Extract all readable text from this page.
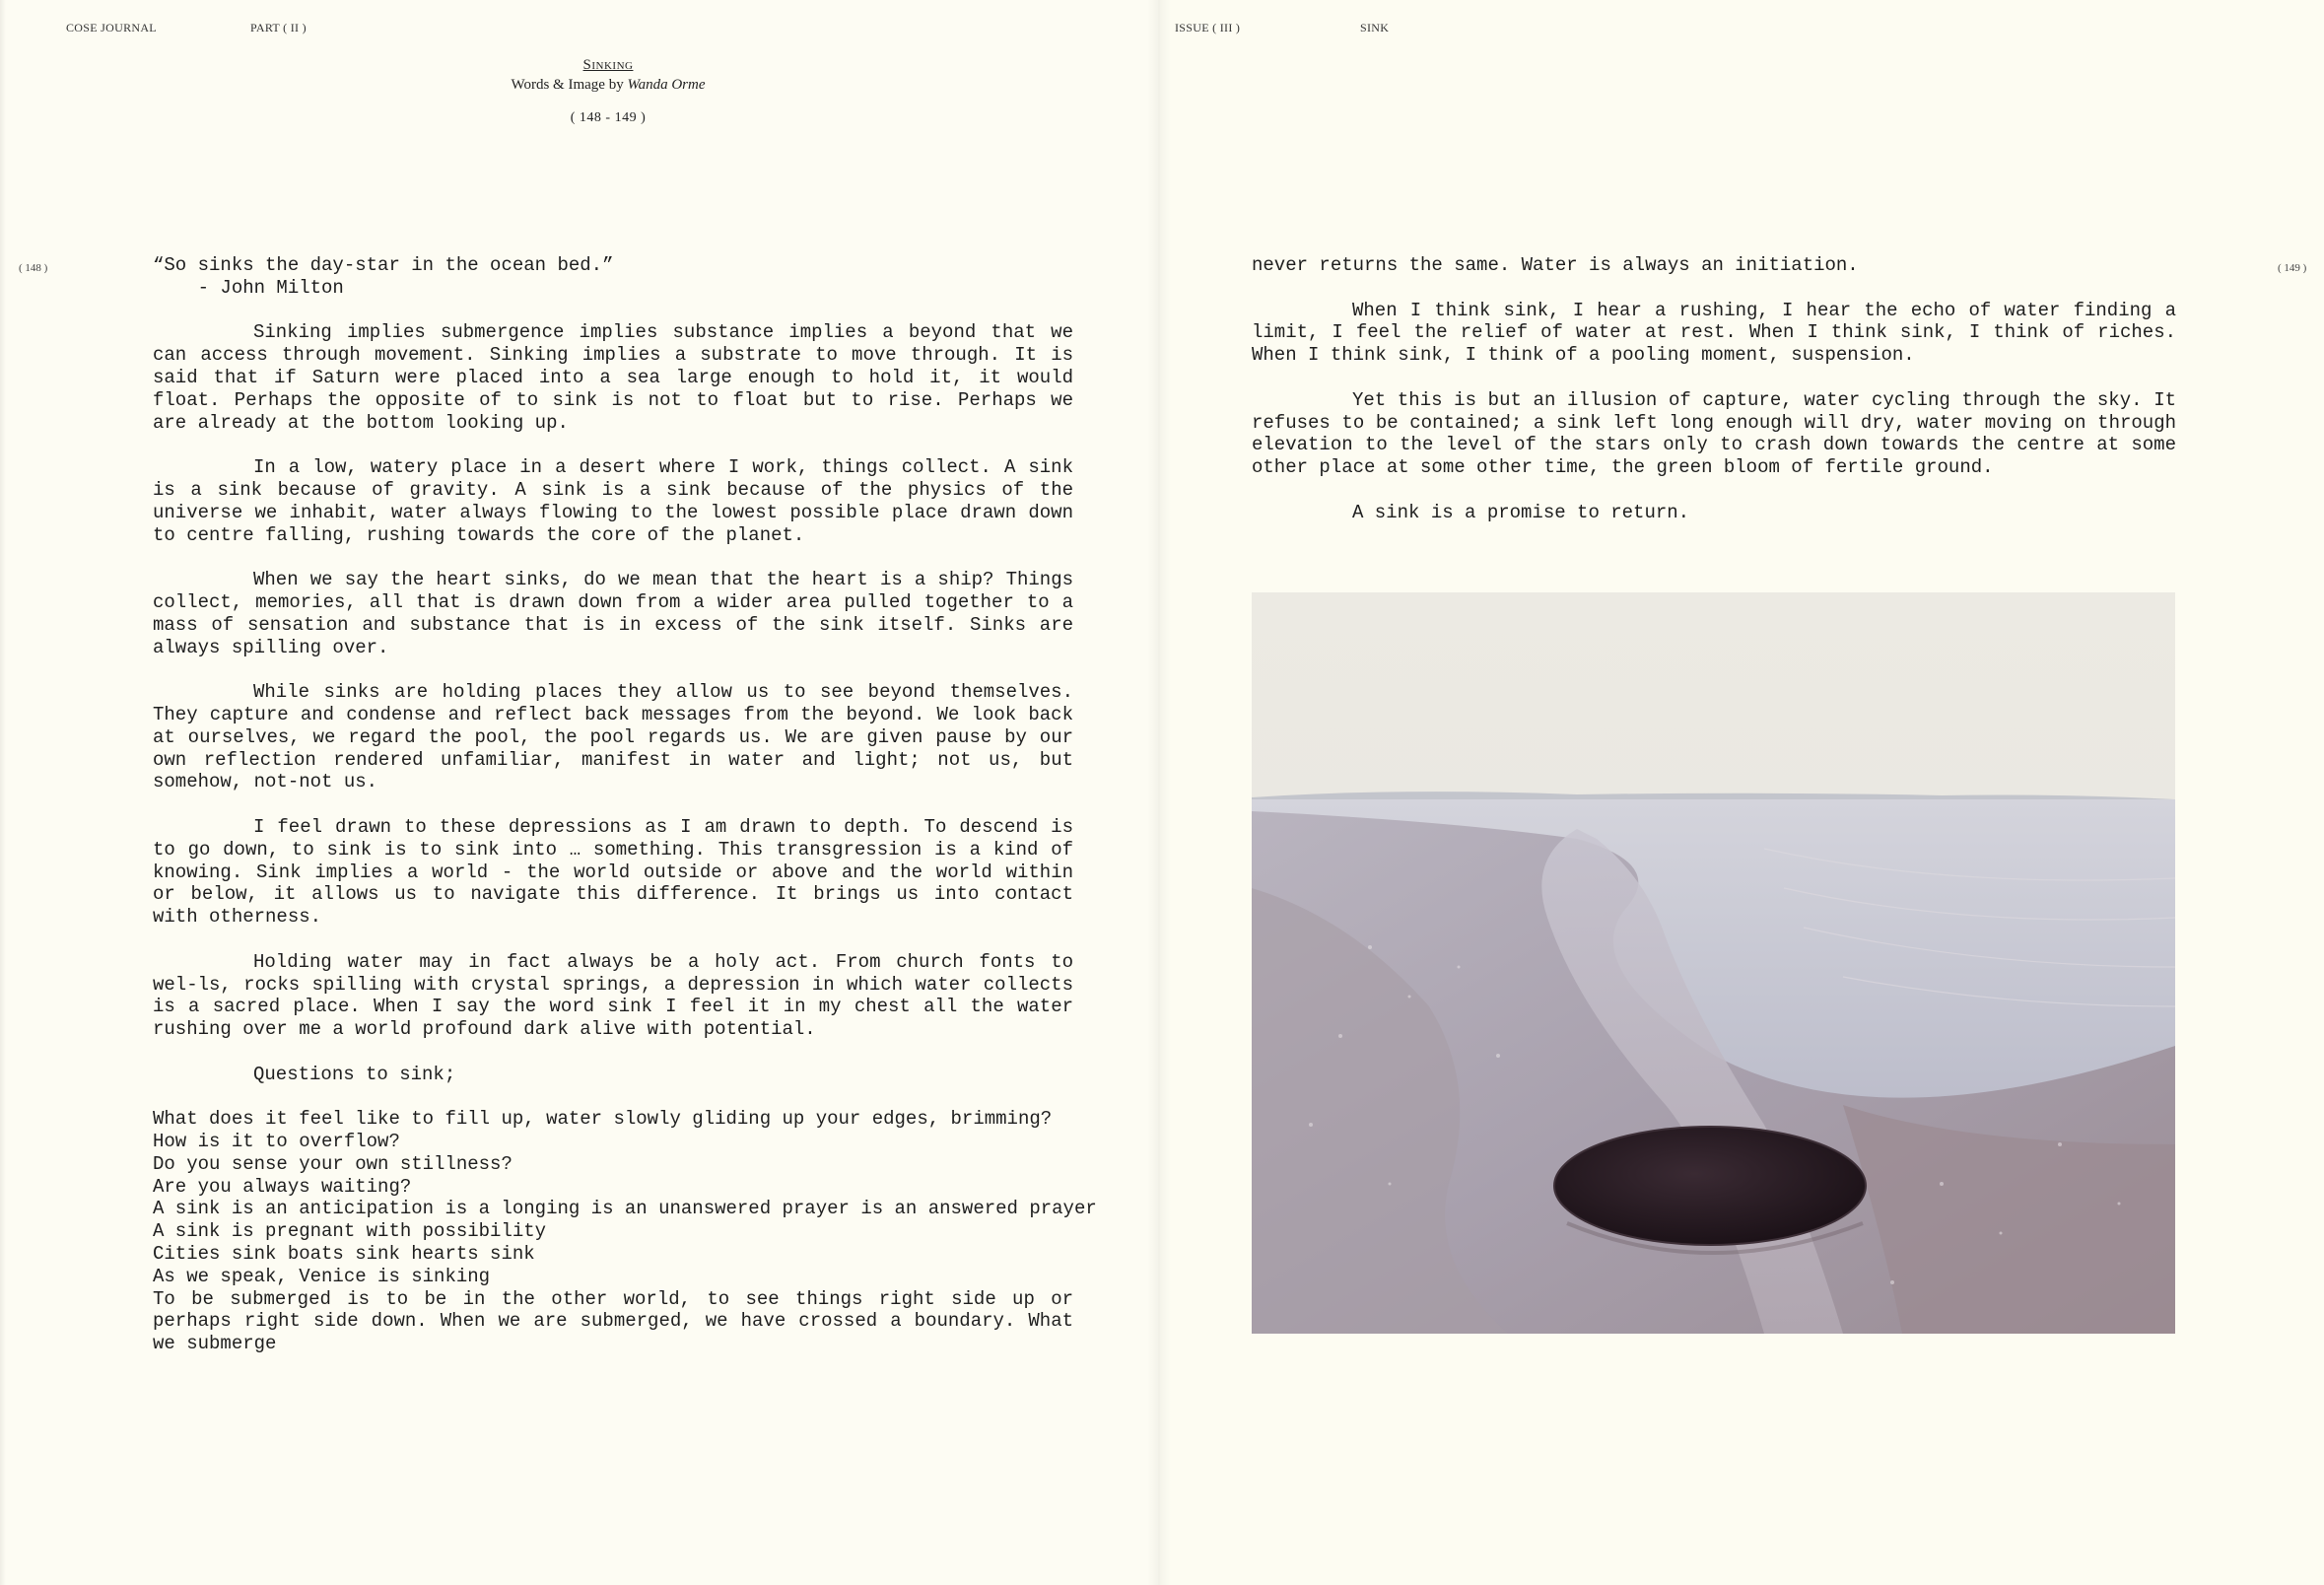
COSE JOURNAL	PART ( II )
Sinking
Words & Image by Wanda Orme
( 148 - 149 )
( 148 )	“So sinks the day-star in the ocean bed.”
- John Milton

Sinking implies submergence implies substance implies a beyond that we can access through movement. Sinking implies a substrate to move through. It is said that if Saturn were placed into a sea large enough to hold it, it would float. Perhaps the opposite of to sink is not to float but to rise. Perhaps we are already at the bottom looking up.

In a low, watery place in a desert where I work, things collect. A sink is a sink because of gravity. A sink is a sink because of the physics of the universe we inhabit, water always flowing to the lowest possible place drawn down to centre falling, rushing towards the core of the planet.

When we say the heart sinks, do we mean that the heart is a ship? Things collect, memories, all that is drawn down from a wider area pulled together to a mass of sensation and substance that is in excess of the sink itself. Sinks are always spilling over.

While sinks are holding places they allow us to see beyond themselves. They capture and condense and reflect back messages from the beyond. We look back at ourselves, we regard the pool, the pool regards us. We are given pause by our own reflection rendered unfamiliar, manifest in water and light; not us, but somehow, not-not us.

I feel drawn to these depressions as I am drawn to depth. To descend is to go down, to sink is to sink into … something. This transgression is a kind of knowing. Sink implies a world - the world outside or above and the world within or below, it allows us to navigate this difference. It brings us into contact with otherness.

Holding water may in fact always be a holy act. From church fonts to wel-ls, rocks spilling with crystal springs, a depression in which water collects is a sacred place. When I say the word sink I feel it in my chest all the water rushing over me a world profound dark alive with potential.

Questions to sink;

What does it feel like to fill up, water slowly gliding up your edges, brimming?
How is it to overflow?
Do you sense your own stillness?
Are you always waiting?
A sink is an anticipation is a longing is an unanswered prayer is an answered prayer
A sink is pregnant with possibility
Cities sink boats sink hearts sink
As we speak, Venice is sinking

To be submerged is to be in the other world, to see things right side up or perhaps right side down. When we are submerged, we have crossed a boundary. What we submerge

ISSUE ( III )	SINK
( 149 )

never returns the same. Water is always an initiation.

When I think sink, I hear a rushing, I hear the echo of water finding a limit, I feel the relief of water at rest. When I think sink, I think of riches. When I think sink, I think of a pooling moment, suspension.

Yet this is but an illusion of capture, water cycling through the sky. It refuses to be contained; a sink left long enough will dry, water moving on through elevation to the level of the stars only to crash down towards the centre at some other place at some other time, the green bloom of fertile ground.

A sink is a promise to return.
